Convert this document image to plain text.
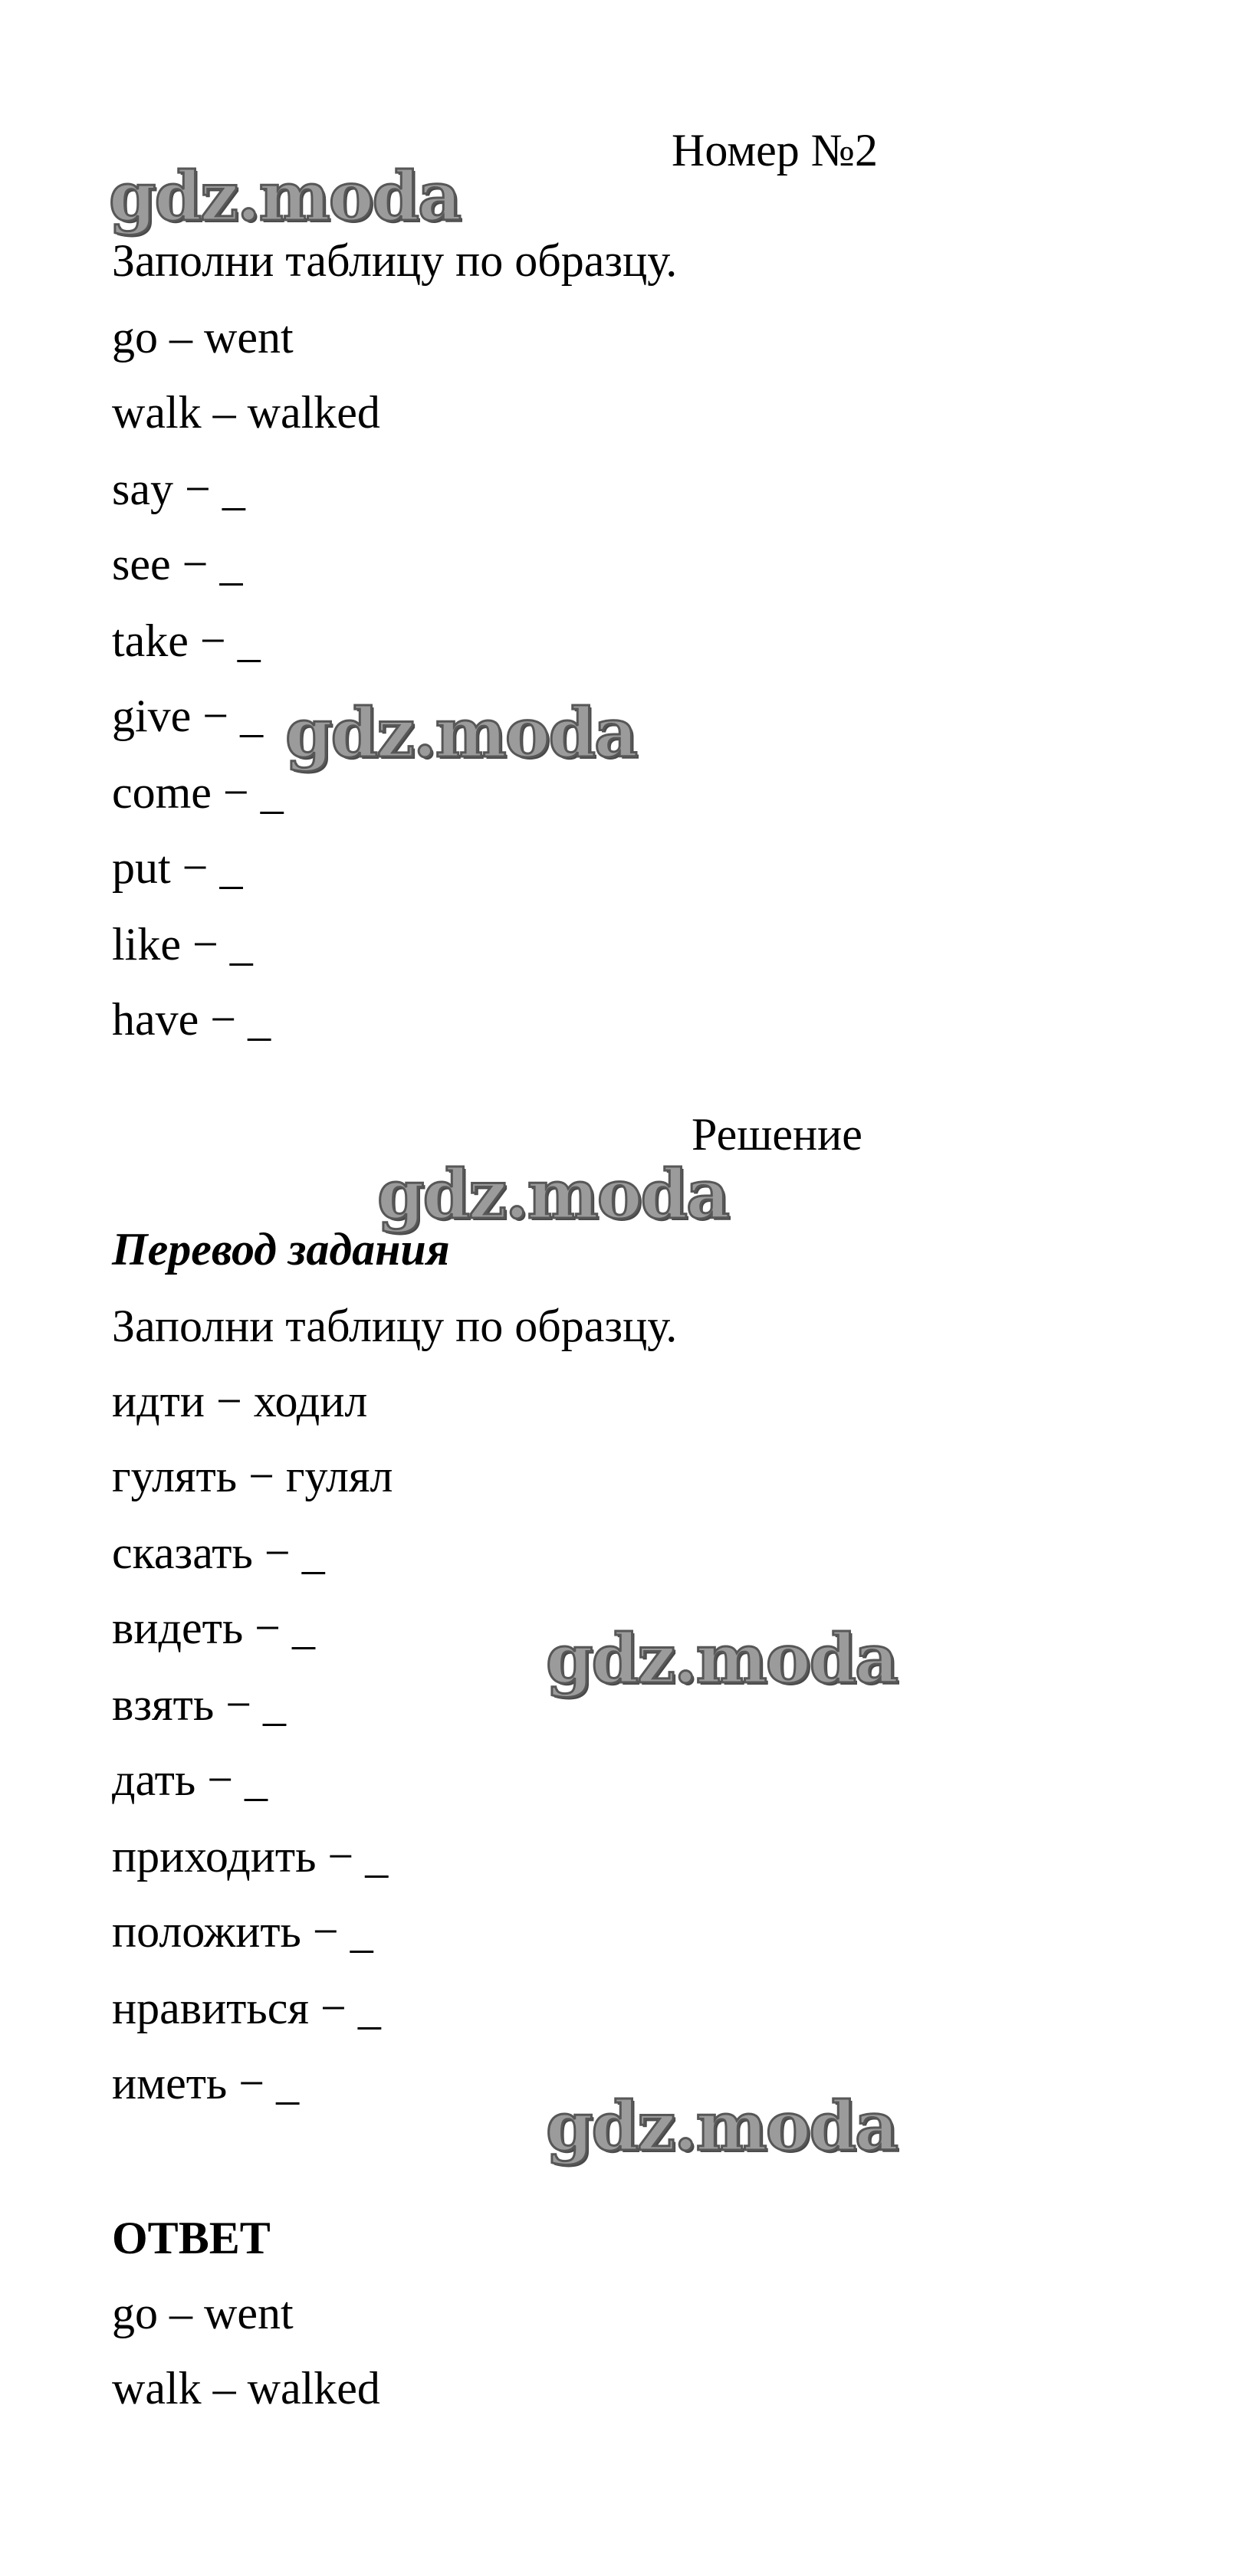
Номер №2
Заполни таблицу по образцу.
go – went
walk – walked
say − _
see − _
take − _
give − _
come − _
put − _
like − _
have − _
Решение
Перевод задания
Заполни таблицу по образцу.
идти − ходил
гулять − гулял
сказать − _
видеть − _
взять − _
дать − _
приходить − _
положить − _
нравиться − _
иметь − _
ОТВЕТ
go – went
walk – walked
gdz.moda
gdz.moda
gdz.moda
gdz.moda
gdz.moda
